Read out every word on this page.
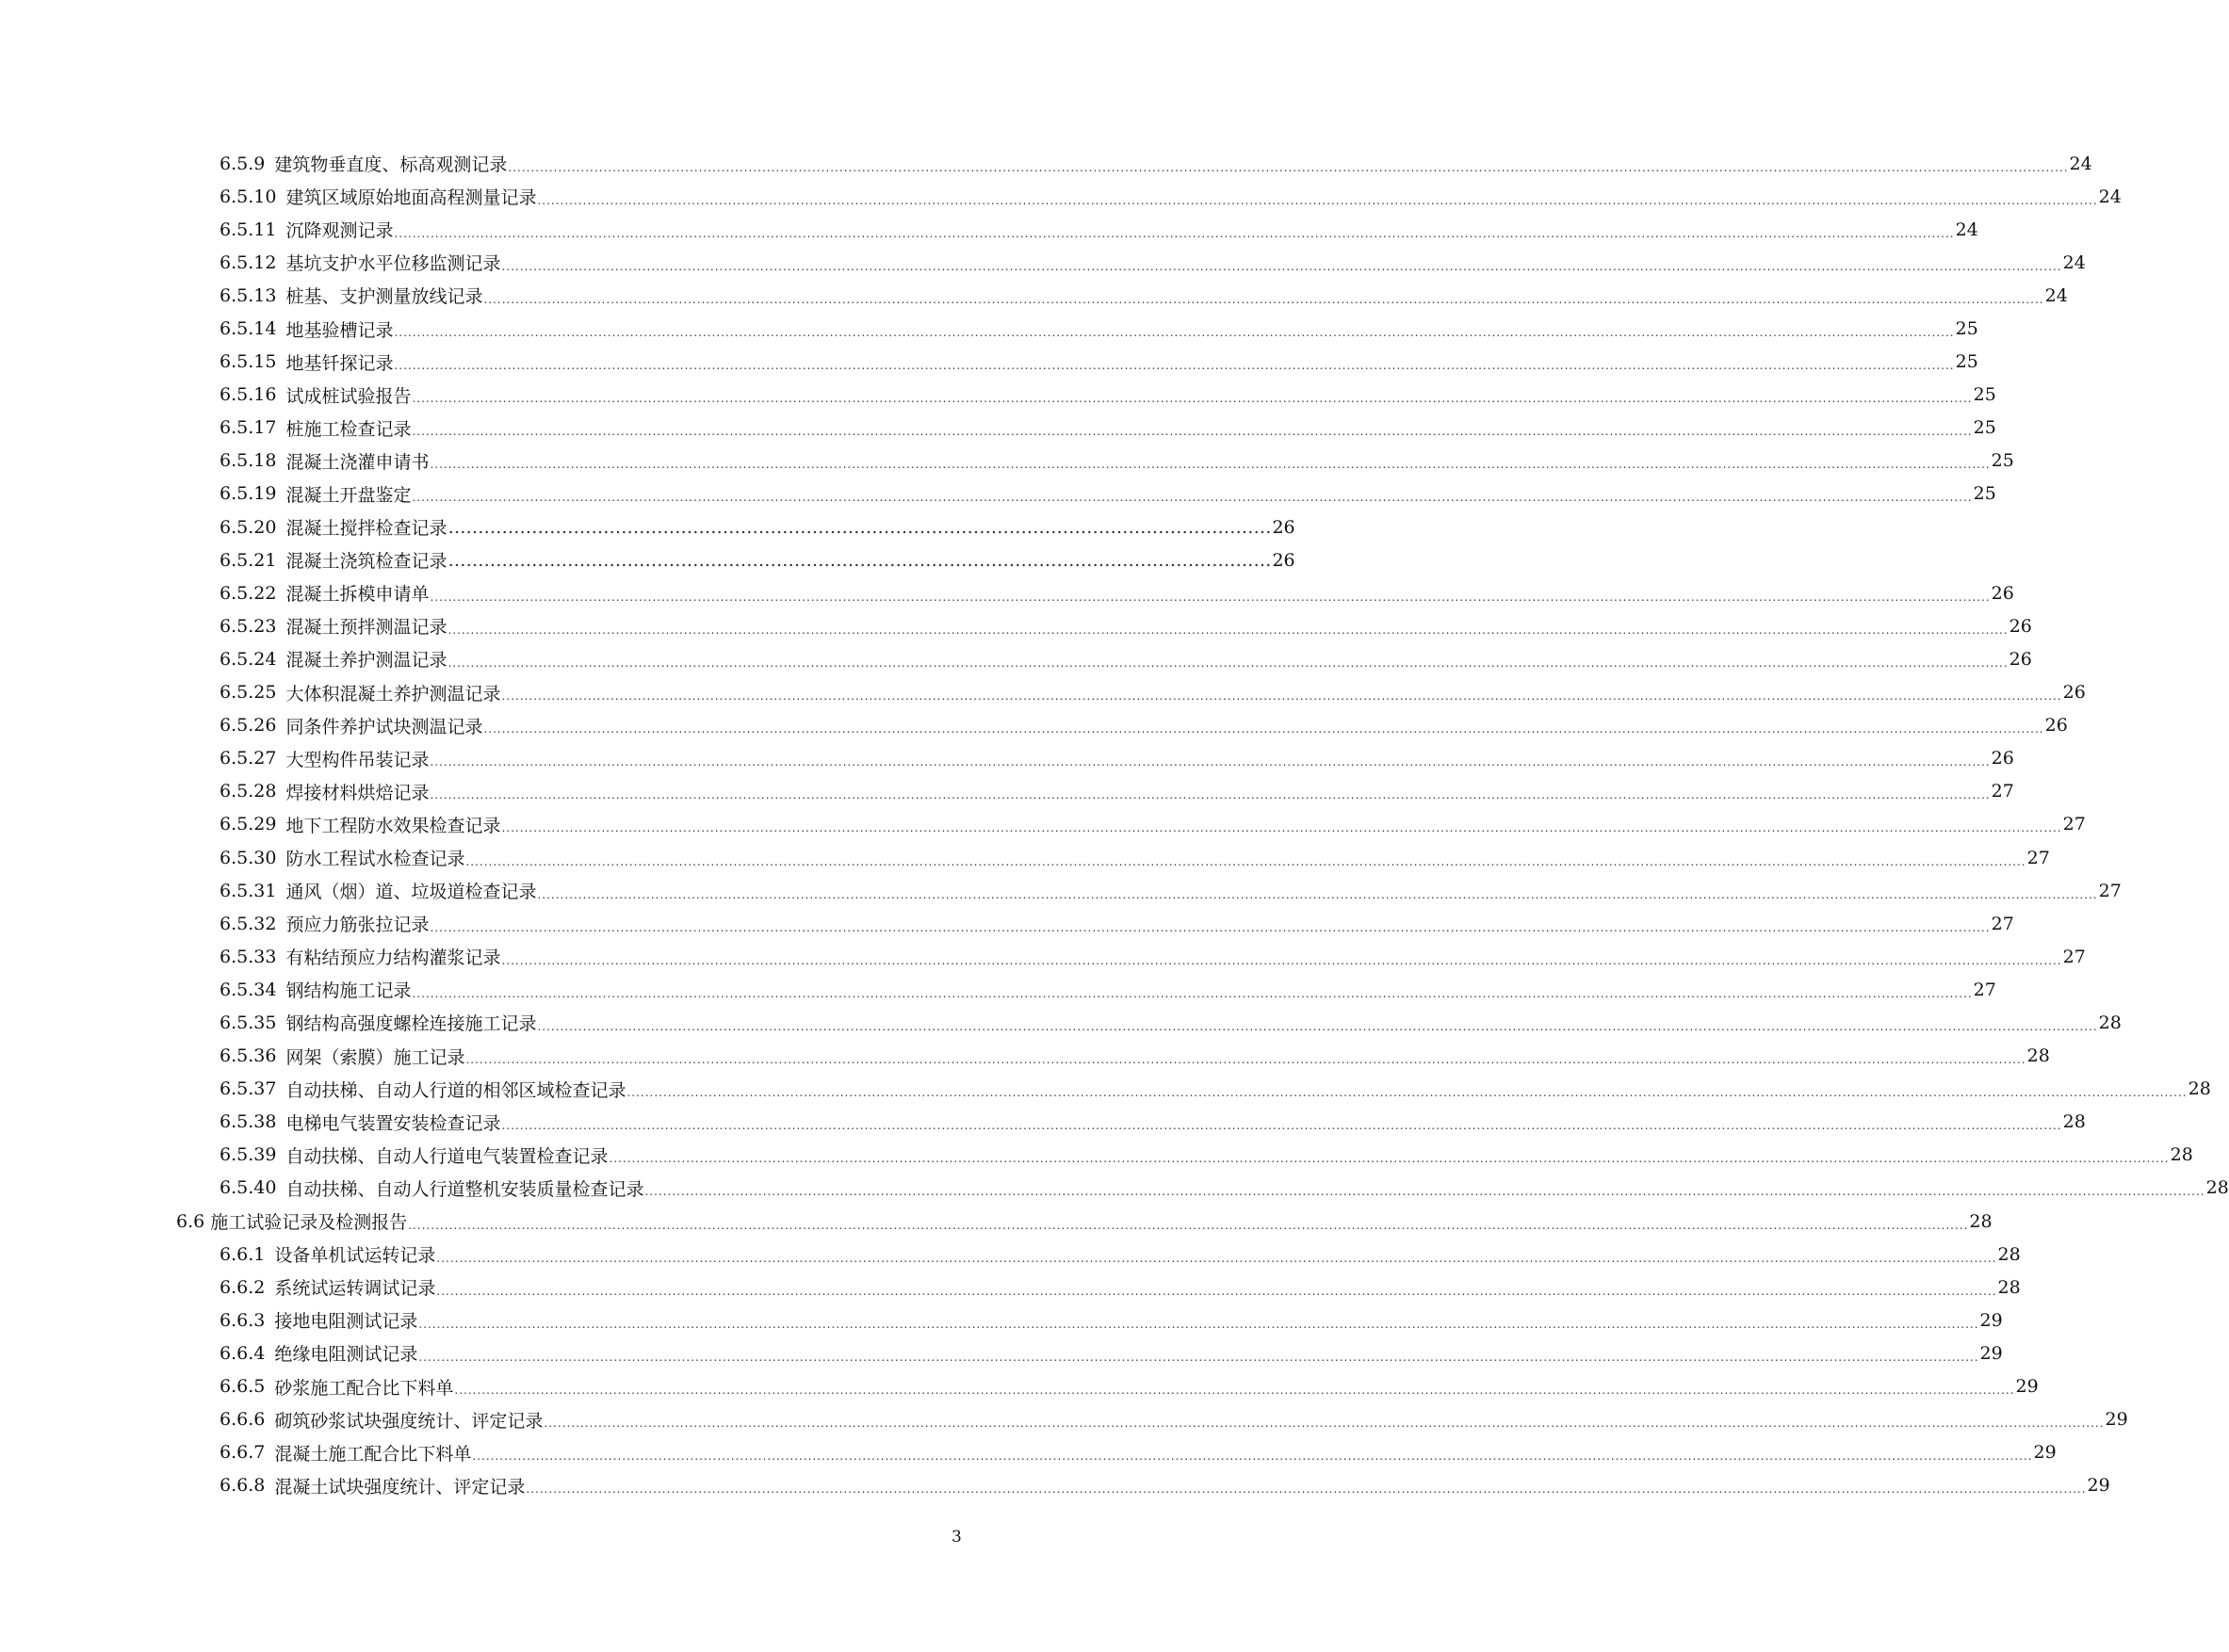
6.5.9 建筑物垂直度、标高观测记录 .....	24
6.5.10 建筑区域原始地面高程测量记录 .....	24
6.5.11 沉降观测记录 .....	24
6.5.12 基坑支护水平位移监测记录 .....	24
6.5.13 桩基、支护测量放线记录 .....	24
6.5.14 地基验槽记录 .....	25
6.5.15 地基钎探记录 .....	25
6.5.16 试成桩试验报告 .....	25
6.5.17 桩施工检查记录 .....	25
6.5.18 混凝土浇灌申请书 .....	25
6.5.19 混凝土开盘鉴定 .....	25
6.5.20 混凝土搅拌检查记录 …………………………………………………………………………………………………………………………	26
6.5.21 混凝土浇筑检查记录 …………………………………………………………………………………………………………………………	26
6.5.22 混凝土拆模申请单 .....	26
6.5.23 混凝土预拌测温记录 .....	26
6.5.24 混凝土养护测温记录 .....	26
6.5.25 大体积混凝土养护测温记录 .....	26
6.5.26 同条件养护试块测温记录 .....	26
6.5.27 大型构件吊装记录 .....	26
6.5.28 焊接材料烘焙记录 .....	27
6.5.29 地下工程防水效果检查记录 .....	27
6.5.30 防水工程试水检查记录 .....	27
6.5.31 通风（烟）道、垃圾道检查记录 .....	27
6.5.32 预应力筋张拉记录 .....	27
6.5.33 有粘结预应力结构灌浆记录 .....	27
6.5.34 钢结构施工记录 .....	27
6.5.35 钢结构高强度螺栓连接施工记录 .....	28
6.5.36 网架（索膜）施工记录 .....	28
6.5.37 自动扶梯、自动人行道的相邻区域检查记录 .....	28
6.5.38 电梯电气装置安装检查记录 .....	28
6.5.39 自动扶梯、自动人行道电气装置检查记录 .....	28
6.5.40 自动扶梯、自动人行道整机安装质量检查记录 .....	28
6.6 施工试验记录及检测报告 .....	28
6.6.1 设备单机试运转记录 .....	28
6.6.2 系统试运转调试记录 .....	28
6.6.3 接地电阻测试记录 .....	29
6.6.4 绝缘电阻测试记录 .....	29
6.6.5 砂浆施工配合比下料单 .....	29
6.6.6 砌筑砂浆试块强度统计、评定记录 .....	29
6.6.7 混凝土施工配合比下料单 .....	29
6.6.8 混凝土试块强度统计、评定记录 .....	29
3
